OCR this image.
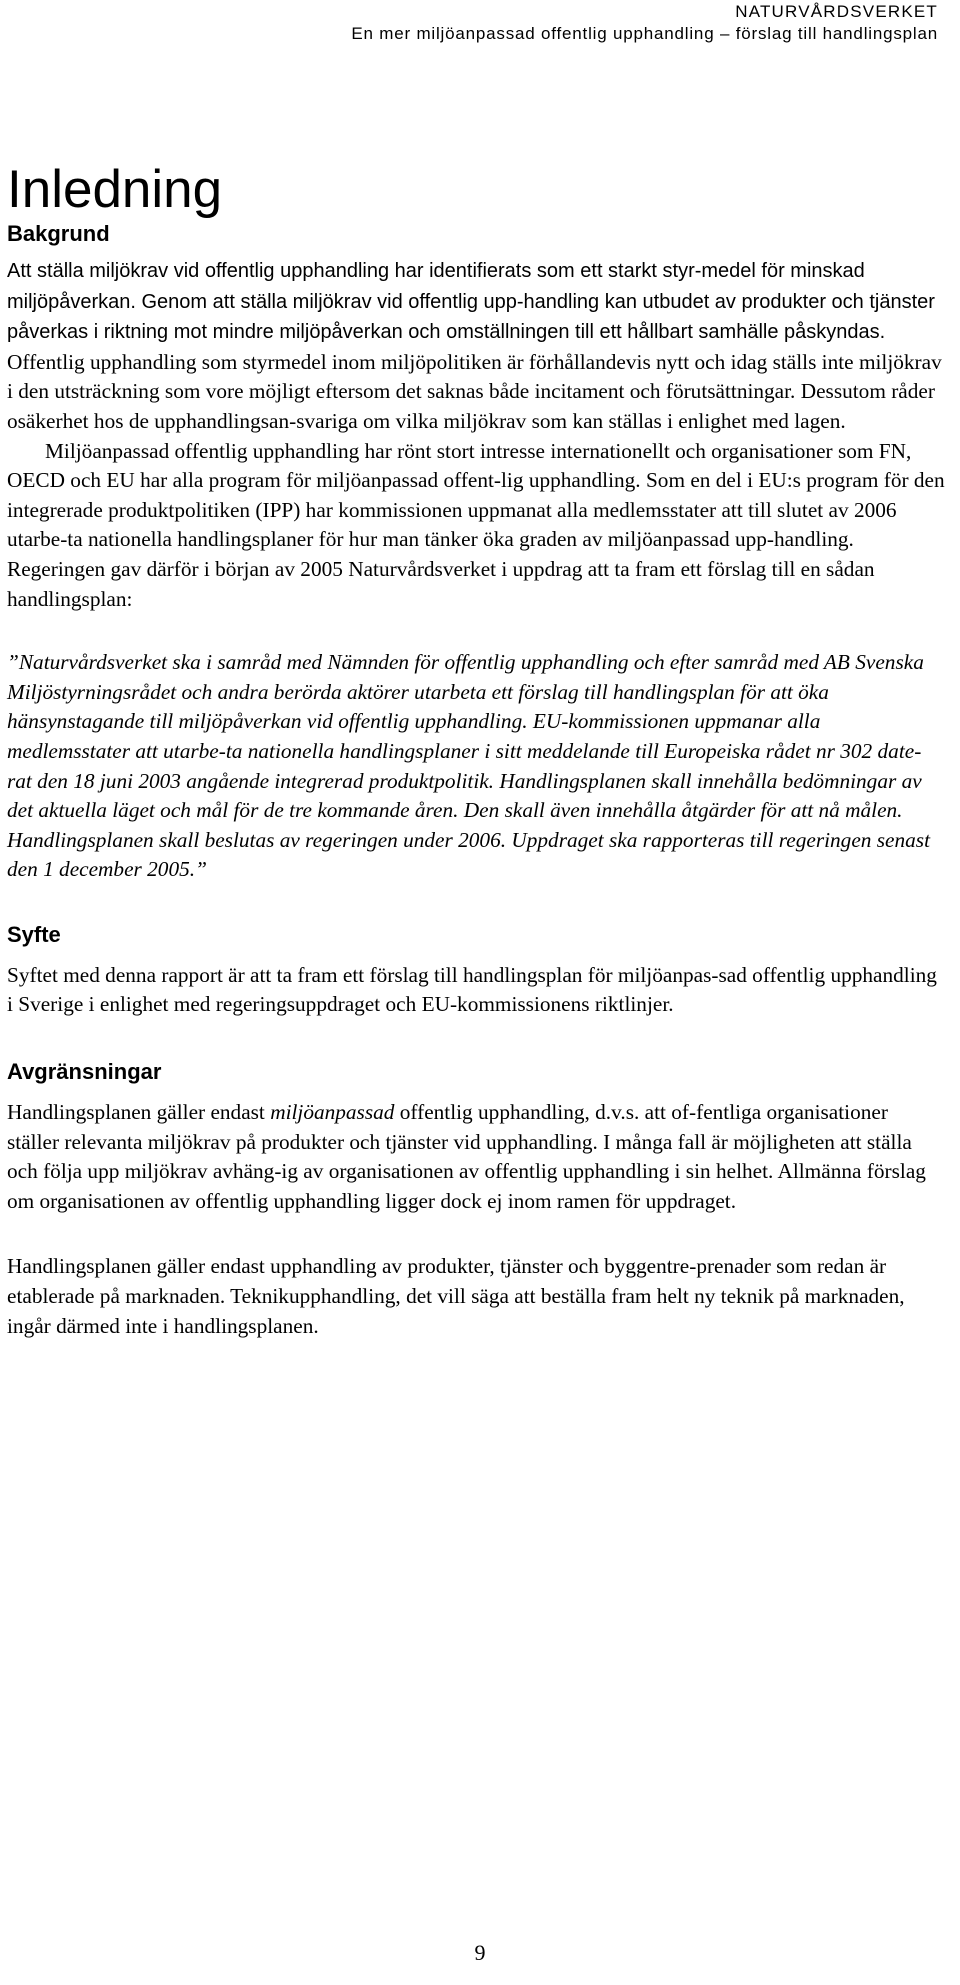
NATURVÅRDSVERKET
En mer miljöanpassad offentlig upphandling – förslag till handlingsplan
Inledning
Bakgrund

Att ställa miljökrav vid offentlig upphandling har identifierats som ett starkt styr-medel för minskad miljöpåverkan. Genom att ställa miljökrav vid offentlig upp-handling kan utbudet av produkter och tjänster påverkas i riktning mot mindre miljöpåverkan och omställningen till ett hållbart samhälle påskyndas. Offentlig upphandling som styrmedel inom miljöpolitiken är förhållandevis nytt och idag ställs inte miljökrav i den utsträckning som vore möjligt eftersom det saknas både incitament och förutsättningar. Dessutom råder osäkerhet hos de upphandlingsan-svariga om vilka miljökrav som kan ställas i enlighet med lagen.

Miljöanpassad offentlig upphandling har rönt stort intresse internationellt och organisationer som FN, OECD och EU har alla program för miljöanpassad offent-lig upphandling. Som en del i EU:s program för den integrerade produktpolitiken (IPP) har kommissionen uppmanat alla medlemsstater att till slutet av 2006 utarbe-ta nationella handlingsplaner för hur man tänker öka graden av miljöanpassad upp-handling. Regeringen gav därför i början av 2005 Naturvårdsverket i uppdrag att ta fram ett förslag till en sådan handlingsplan:

”Naturvårdsverket ska i samråd med Nämnden för offentlig upphandling och efter samråd med AB Svenska Miljöstyrningsrådet och andra berörda aktörer utarbeta ett förslag till handlingsplan för att öka hänsynstagande till miljöpåverkan vid offentlig upphandling. EU-kommissionen uppmanar alla medlemsstater att utarbe-ta nationella handlingsplaner i sitt meddelande till Europeiska rådet nr 302 date-rat den 18 juni 2003 angående integrerad produktpolitik. Handlingsplanen skall innehålla bedömningar av det aktuella läget och mål för de tre kommande åren. Den skall även innehålla åtgärder för att nå målen. Handlingsplanen skall beslutas av regeringen under 2006. Uppdraget ska rapporteras till regeringen senast den 1 december 2005.”

Syfte

Syftet med denna rapport är att ta fram ett förslag till handlingsplan för miljöanpas-sad offentlig upphandling i Sverige i enlighet med regeringsuppdraget och EU-kommissionens riktlinjer.

Avgränsningar

Handlingsplanen gäller endast miljöanpassad offentlig upphandling, d.v.s. att of-fentliga organisationer ställer relevanta miljökrav på produkter och tjänster vid upphandling. I många fall är möjligheten att ställa och följa upp miljökrav avhäng-ig av organisationen av offentlig upphandling i sin helhet. Allmänna förslag om organisationen av offentlig upphandling ligger dock ej inom ramen för uppdraget.

Handlingsplanen gäller endast upphandling av produkter, tjänster och byggentre-prenader som redan är etablerade på marknaden. Teknikupphandling, det vill säga att beställa fram helt ny teknik på marknaden, ingår därmed inte i handlingsplanen.

9
